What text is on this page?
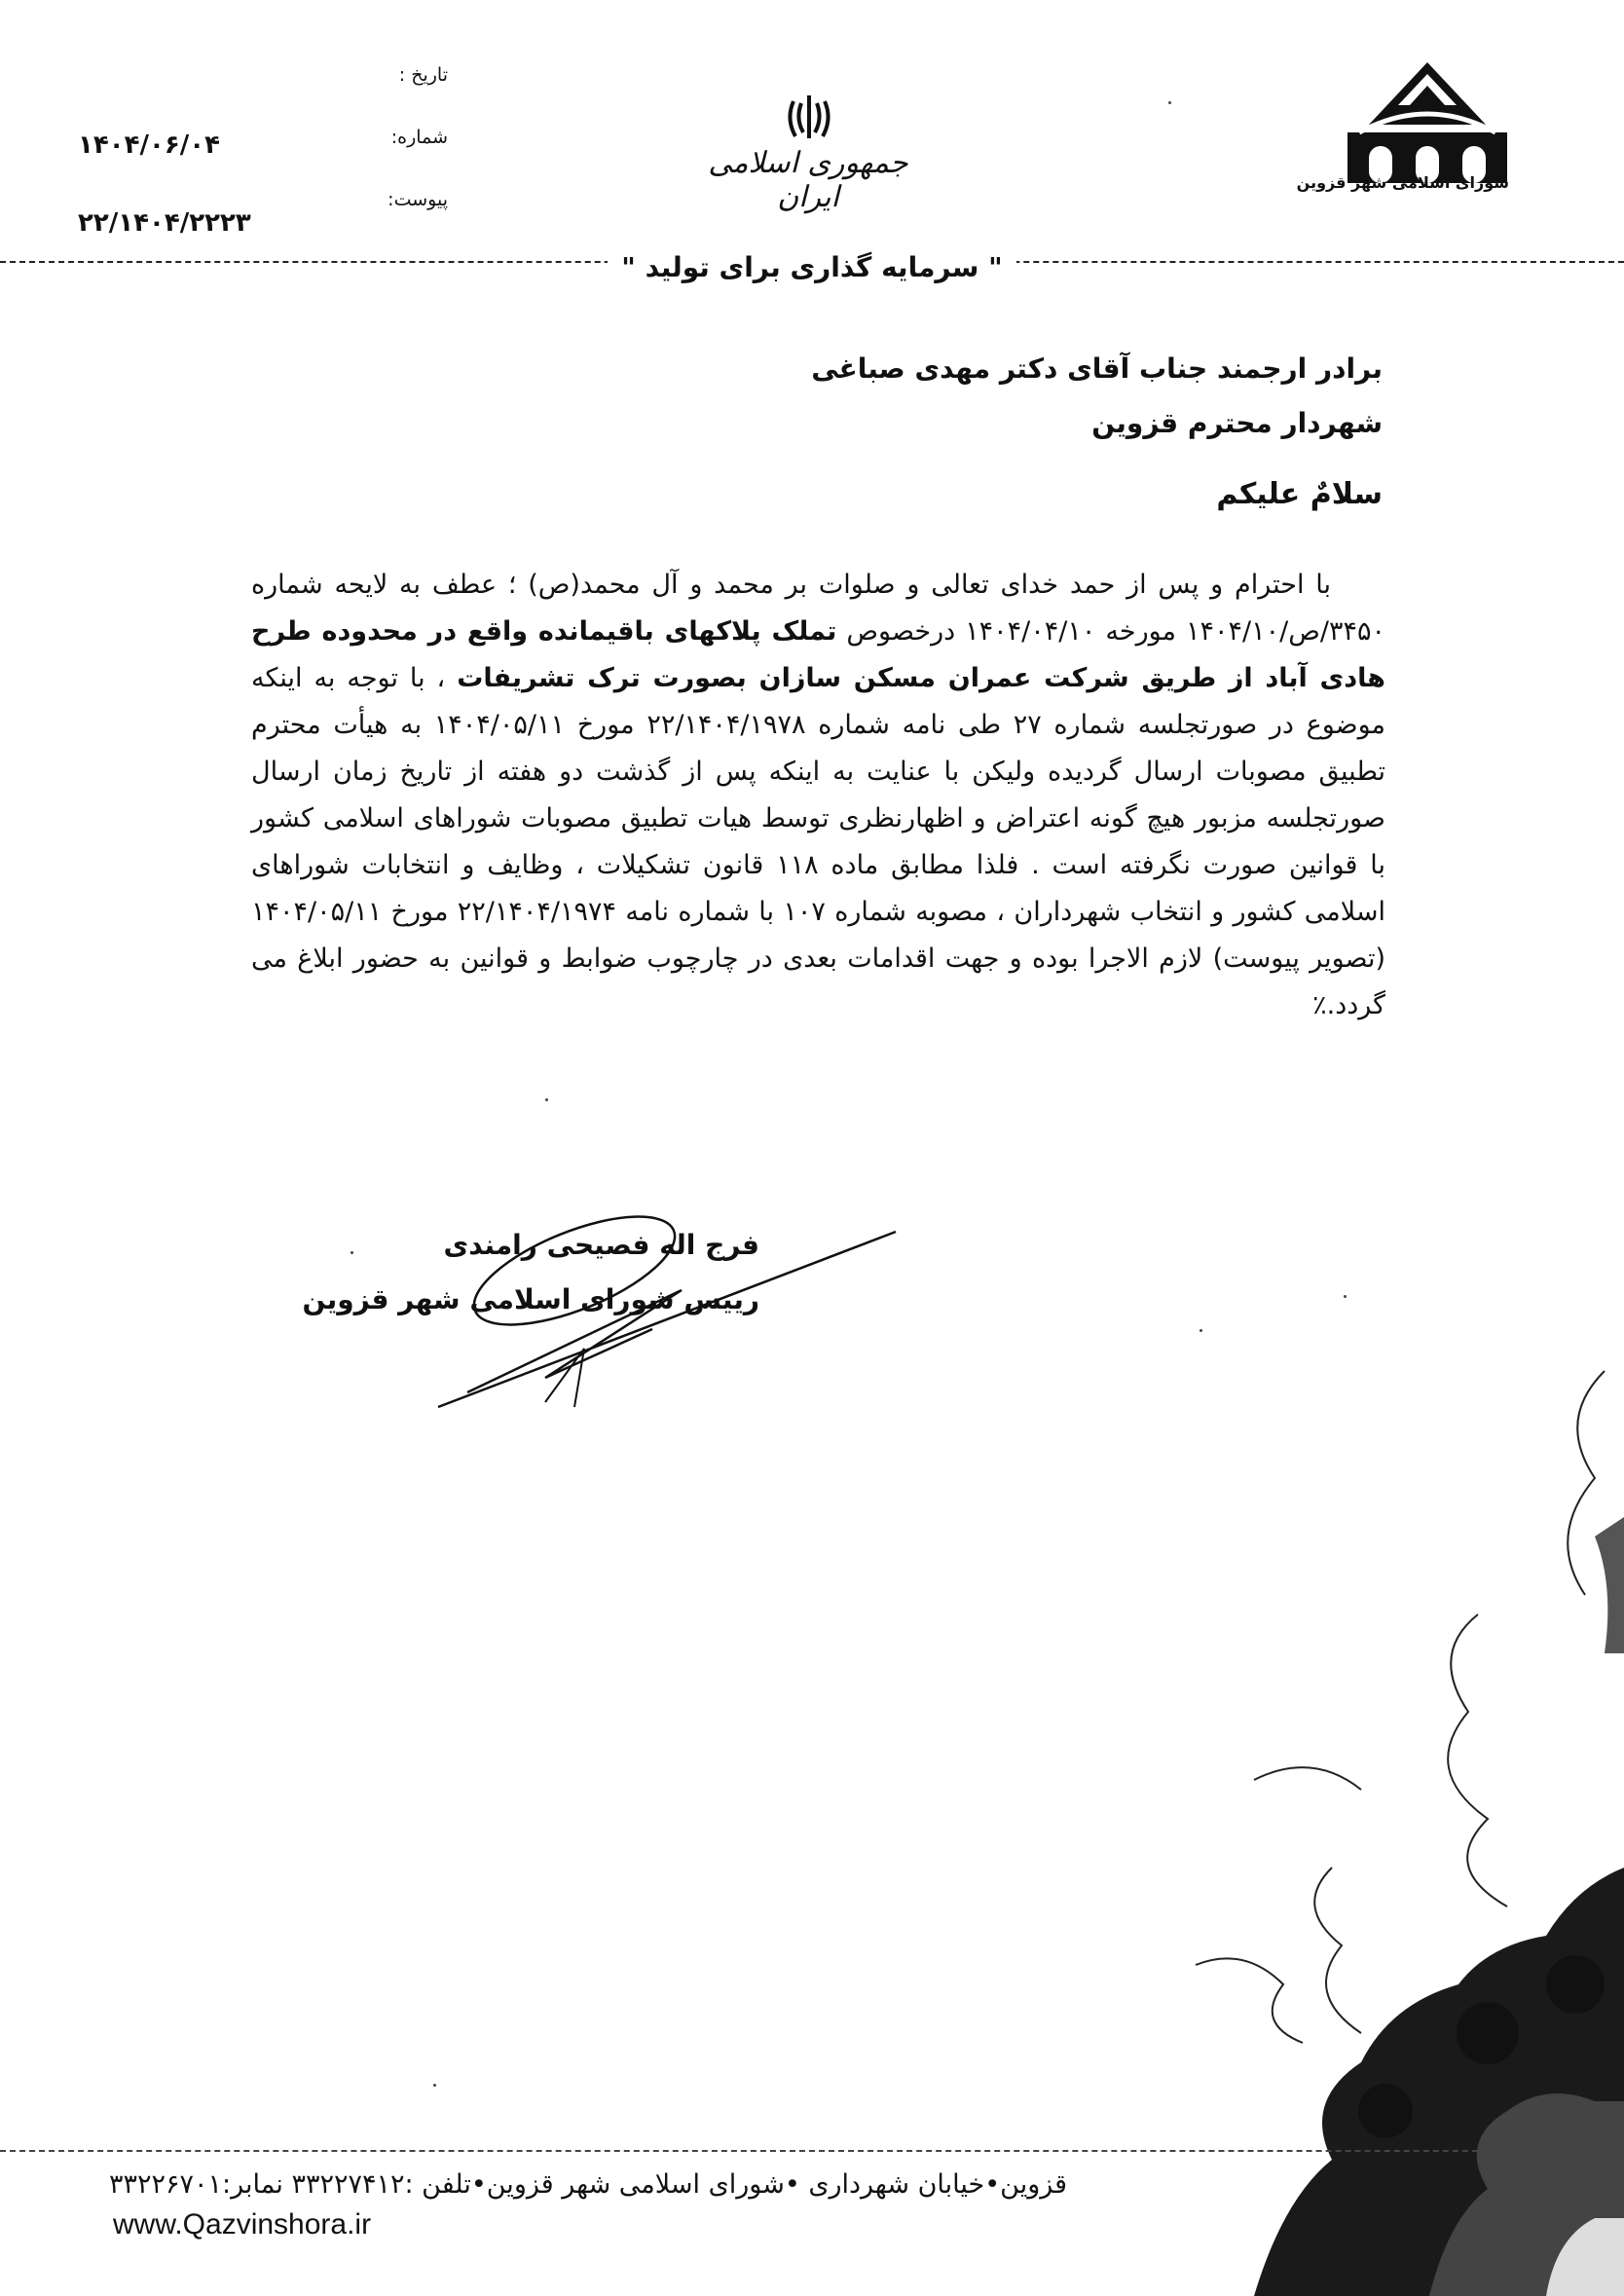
شورای اسلامی شهر قزوین
جمهوری اسلامی ایران
تاریخ :
شماره:
پیوست:
۱۴۰۴/۰۶/۰۴
۲۲/۱۴۰۴/۲۲۲۳
" سرمایه گذاری برای تولید "
برادر ارجمند جناب آقای دکتر مهدی صباغی
شهردار محترم قزوین
سلامٌ علیکم

با احترام و پس از حمد خدای تعالی و صلوات بر محمد و آل محمد(ص) ؛ عطف به لایحه شماره ۳۴۵۰/ص/۱۴۰۴/۱۰ مورخه ۱۴۰۴/۰۴/۱۰ درخصوص تملک پلاکهای باقیمانده واقع در محدوده طرح هادی آباد از طریق شرکت عمران مسکن سازان بصورت ترک تشریفات ، با توجه به اینکه موضوع در صورتجلسه شماره ۲۷ طی نامه شماره ۲۲/۱۴۰۴/۱۹۷۸ مورخ ۱۴۰۴/۰۵/۱۱ به هیأت محترم تطبیق مصوبات ارسال گردیده ولیکن با عنایت به اینکه پس از گذشت دو هفته از تاریخ زمان ارسال صورتجلسه مزبور هیچ گونه اعتراض و اظهارنظری توسط هیات تطبیق مصوبات شوراهای اسلامی کشور با قوانین صورت نگرفته است . فلذا مطابق ماده ۱۱۸ قانون تشکیلات ، وظایف و انتخابات شوراهای اسلامی کشور و انتخاب شهرداران ، مصوبه شماره ۱۰۷ با شماره نامه ۲۲/۱۴۰۴/۱۹۷۴ مورخ ۱۴۰۴/۰۵/۱۱ (تصویر پیوست) لازم الاجرا بوده و جهت اقدامات بعدی در چارچوب ضوابط و قوانین به حضور ابلاغ می گردد.٪

فرج اله فصیحی رامندی
رییس شورای اسلامی شهر قزوین
قزوین•خیابان شهرداری •شورای اسلامی شهر قزوین•تلفن :۳۳۲۲۷۴۱۲ نمابر:۳۳۲۲۶۷۰۱
www.Qazvinshora.ir
